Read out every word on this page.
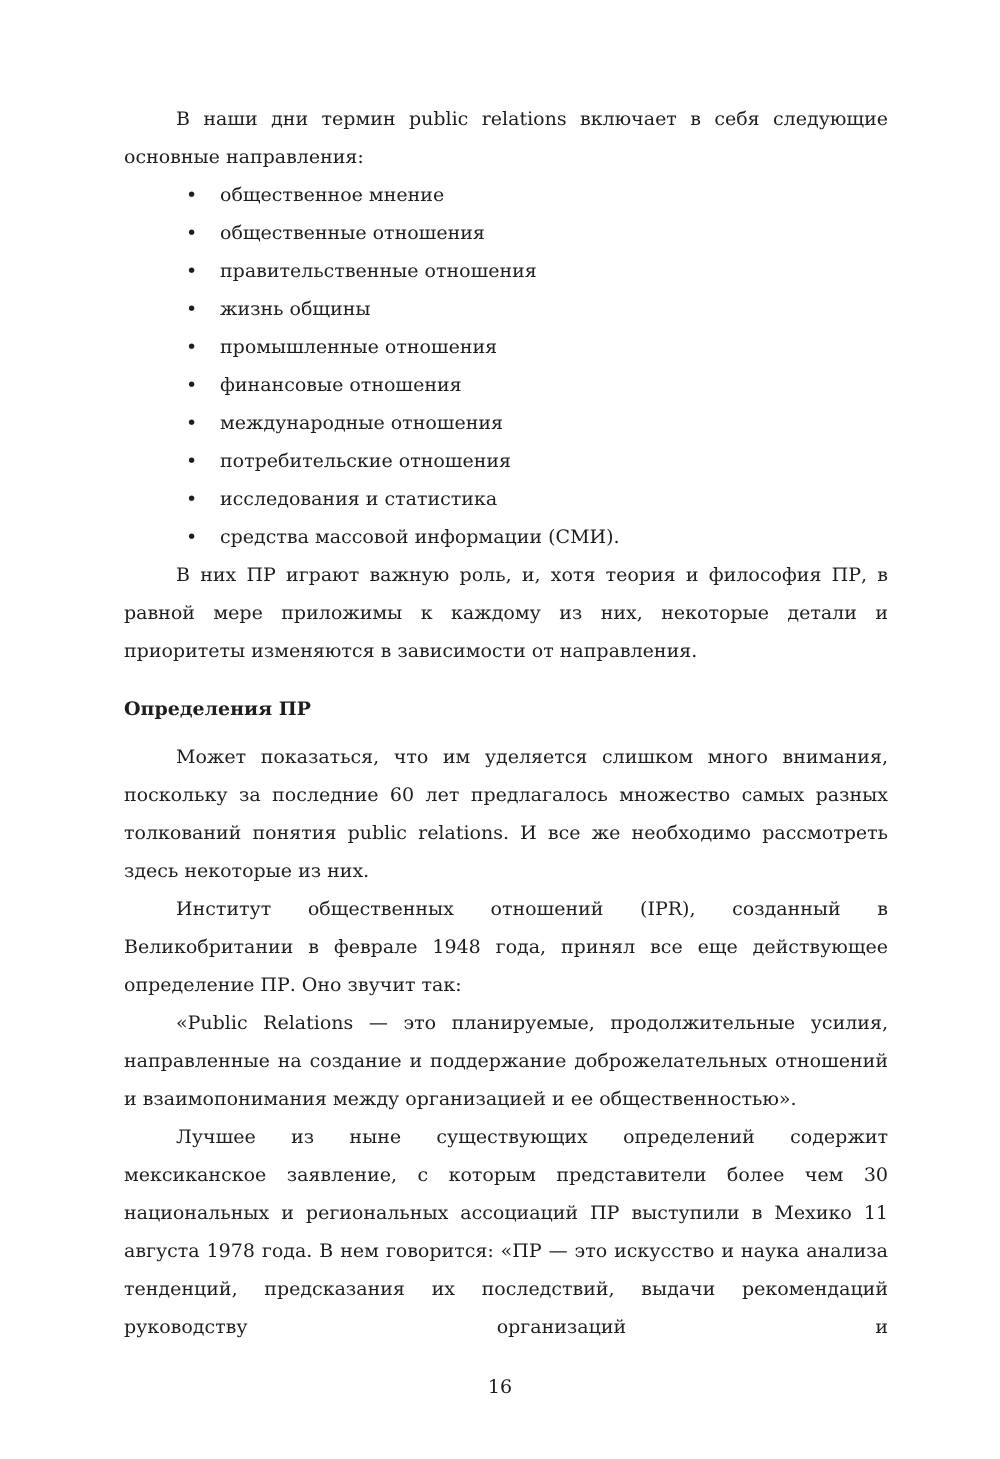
В наши дни термин public relations включает в себя следующие основные направления:

• общественное мнение
• общественные отношения
• правительственные отношения
• жизнь общины
• промышленные отношения
• финансовые отношения
• международные отношения
• потребительские отношения
• исследования и статистика
• средства массовой информации (СМИ).

В них ПР играют важную роль, и, хотя теория и философия ПР, в равной мере приложимы к каждому из них, некоторые детали и приоритеты изменяются в зависимости от направления.

Определения ПР

Может показаться, что им уделяется слишком много внимания, поскольку за последние 60 лет предлагалось множество самых разных толкований понятия public relations. И все же необходимо рассмотреть здесь некоторые из них.

Институт общественных отношений (IPR), созданный в Великобритании в феврале 1948 года, принял все еще действующее определение ПР. Оно звучит так:

«Public Relations — это планируемые, продолжительные усилия, направленные на создание и поддержание доброжелательных отношений и взаимопонимания между организацией и ее общественностью».

Лучшее из ныне существующих определений содержит мексиканское заявление, с которым представители более чем 30 национальных и региональных ассоциаций ПР выступили в Мехико 11 августа 1978 года. В нем говорится: «ПР — это искусство и наука анализа тенденций, предсказания их последствий, выдачи рекомендаций руководству организаций и

16
